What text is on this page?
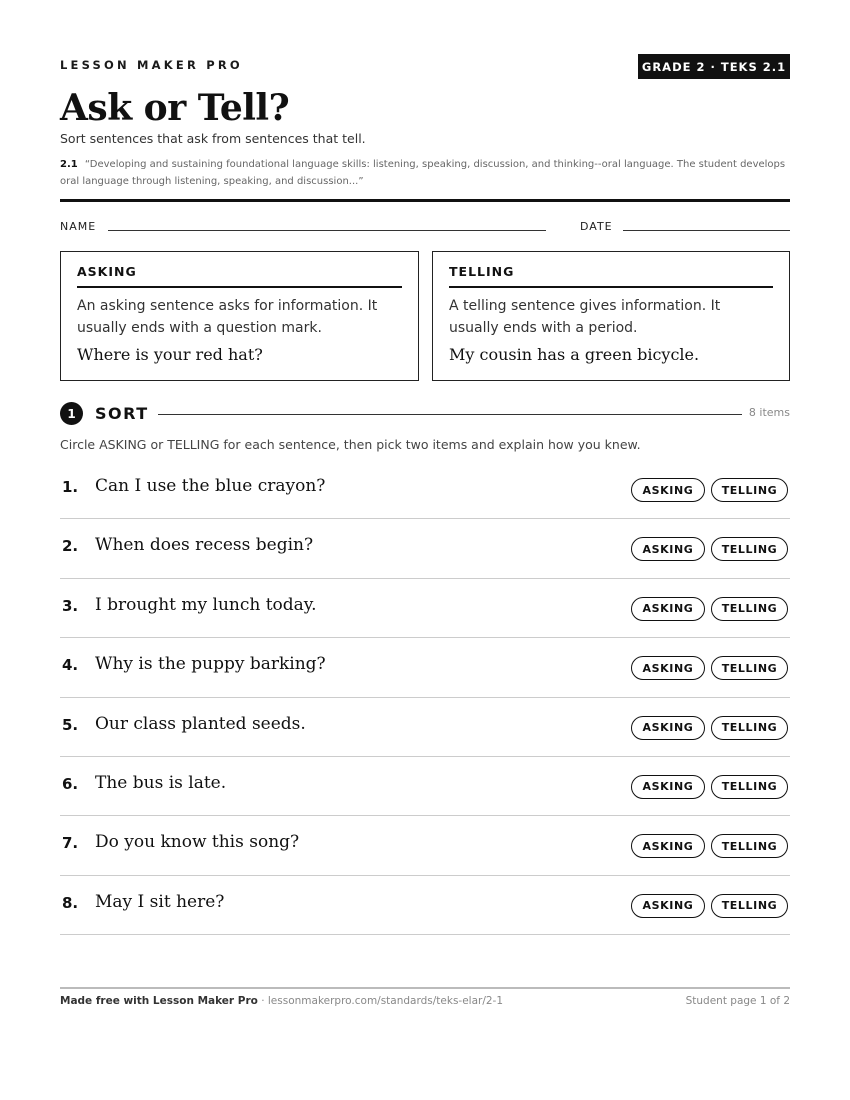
LESSON MAKER PRO	GRADE 2 · TEKS 2.1
Ask or Tell?
Sort sentences that ask from sentences that tell.
2.1 “Developing and sustaining foundational language skills: listening, speaking, discussion, and thinking--oral language. The student develops oral language through listening, speaking, and discussion...”
NAME	DATE
ASKING
An asking sentence asks for information. It usually ends with a question mark.
Where is your red hat?
TELLING
A telling sentence gives information. It usually ends with a period.
My cousin has a green bicycle.
1	SORT	8 items
Circle ASKING or TELLING for each sentence, then pick two items and explain how you knew.
1. Can I use the blue crayon?	ASKING	TELLING
2. When does recess begin?	ASKING	TELLING
3. I brought my lunch today.	ASKING	TELLING
4. Why is the puppy barking?	ASKING	TELLING
5. Our class planted seeds.	ASKING	TELLING
6. The bus is late.	ASKING	TELLING
7. Do you know this song?	ASKING	TELLING
8. May I sit here?	ASKING	TELLING
Made free with Lesson Maker Pro · lessonmakerpro.com/standards/teks-elar/2-1	Student page 1 of 2
